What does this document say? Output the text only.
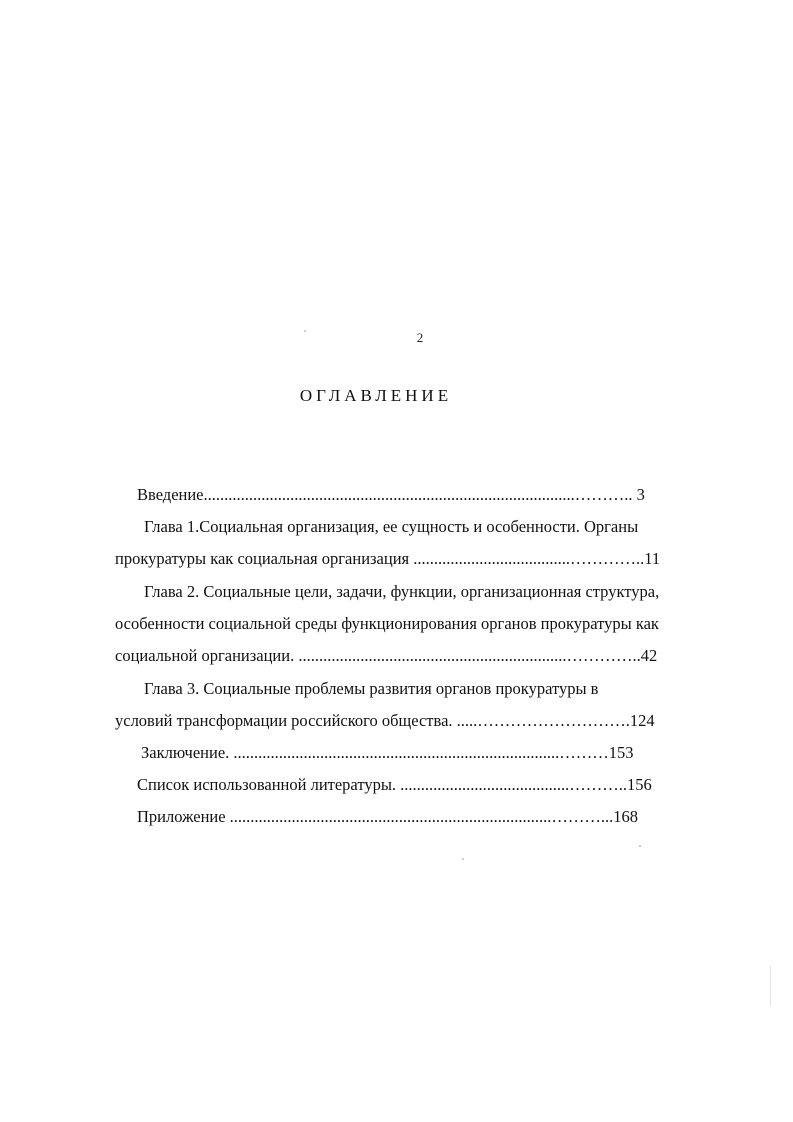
2
ОГЛАВЛЕНИЕ
Введение..........................................................................................……….. 3
Глава 1.Социальная организация, ее сущность и особенности. Органы
прокуратуры как социальная организация ......................................…………..11
Глава 2. Социальные цели, задачи, функции, организационная структура,
особенности социальной среды функционирования органов прокуратуры как
социальной организации. .................................................................…………..42
Глава 3. Социальные проблемы развития органов прокуратуры в
условий трансформации российского общества. .....……………………….124
Заключение. ...............................................................................………153
Список использованной литературы. .........................................………..156
Приложение ..............................................................................………...168
